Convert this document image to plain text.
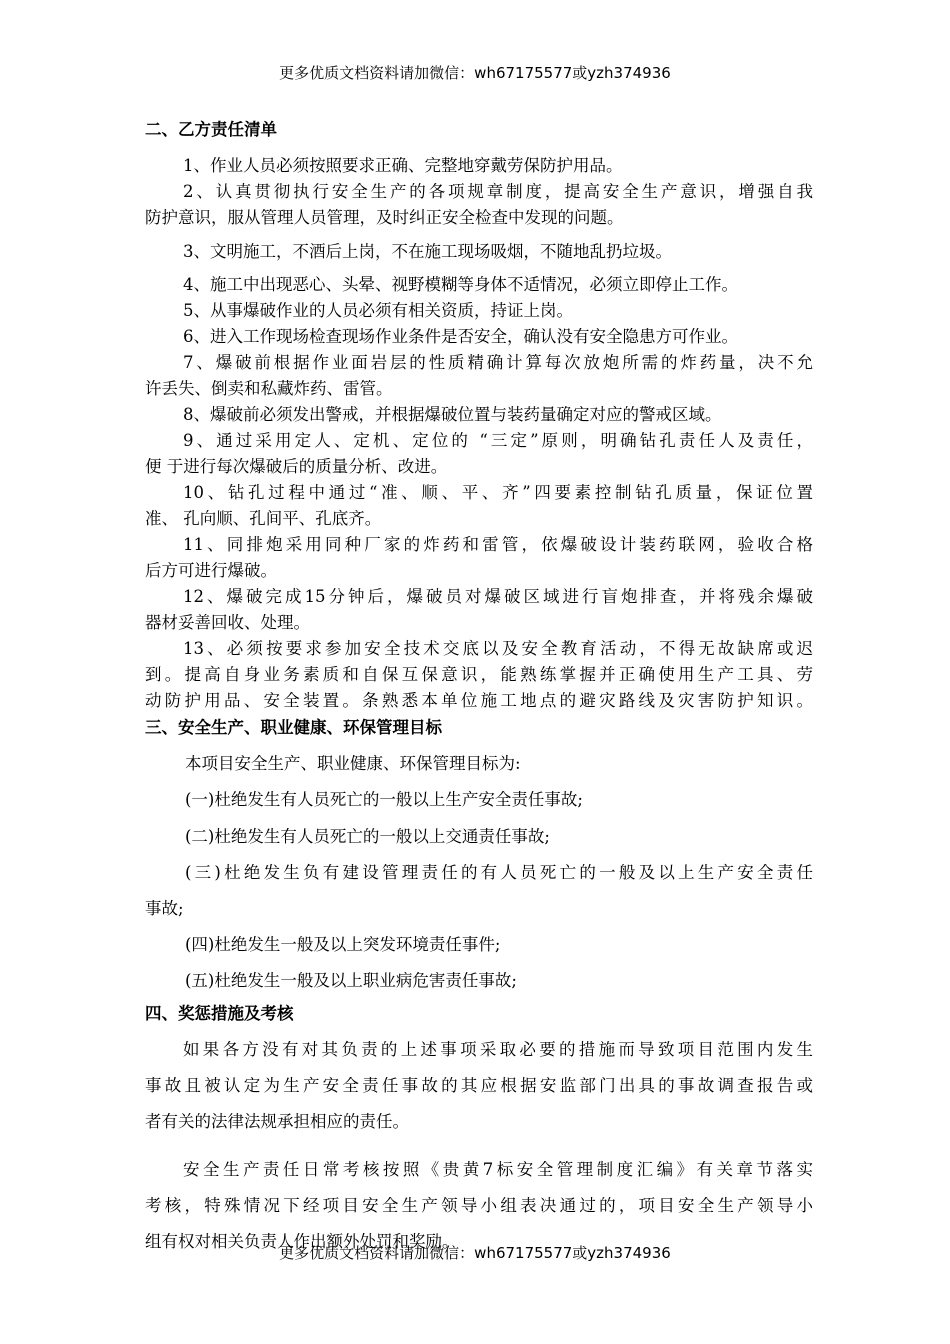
更多优质文档资料请加微信：wh67175577或yzh374936
二、乙方责任清单
1、作业人员必须按照要求正确、完整地穿戴劳保防护用品。
2、认真贯彻执行安全生产的各项规章制度，提高安全生产意识，增强自我
防护意识，服从管理人员管理，及时纠正安全检查中发现的问题。
3、文明施工，不酒后上岗，不在施工现场吸烟，不随地乱扔垃圾。
4、施工中出现恶心、头晕、视野模糊等身体不适情况，必须立即停止工作。
5、从事爆破作业的人员必须有相关资质，持证上岗。
6、进入工作现场检查现场作业条件是否安全，确认没有安全隐患方可作业。
7、爆破前根据作业面岩层的性质精确计算每次放炮所需的炸药量，决不允
许丢失、倒卖和私藏炸药、雷管。
8、爆破前必须发出警戒，并根据爆破位置与装药量确定对应的警戒区域。
9、通过采用定人、定机、定位的 “三定”原则，明确钻孔责任人及责任，
便 于进行每次爆破后的质量分析、改进。
10、钻孔过程中通过“准、顺、平、齐”四要素控制钻孔质量，保证位置
准、 孔向顺、孔间平、孔底齐。
11、同排炮采用同种厂家的炸药和雷管，依爆破设计装药联网，验收合格
后方可进行爆破。
12、爆破完成15分钟后，爆破员对爆破区域进行盲炮排查，并将残余爆破
器材妥善回收、处理。
13、必须按要求参加安全技术交底以及安全教育活动，不得无故缺席或迟
到。提高自身业务素质和自保互保意识，能熟练掌握并正确使用生产工具、劳
动防护用品、安全装置。条熟悉本单位施工地点的避灾路线及灾害防护知识。
三、安全生产、职业健康、环保管理目标
本项目安全生产、职业健康、环保管理目标为:
(一)杜绝发生有人员死亡的一般以上生产安全责任事故;
(二)杜绝发生有人员死亡的一般以上交通责任事故;
(三)杜绝发生负有建设管理责任的有人员死亡的一般及以上生产安全责任
事故;
(四)杜绝发生一般及以上突发环境责任事件;
(五)杜绝发生一般及以上职业病危害责任事故;
四、奖惩措施及考核
如果各方没有对其负责的上述事项采取必要的措施而导致项目范围内发生
事故且被认定为生产安全责任事故的其应根据安监部门出具的事故调查报告或
者有关的法律法规承担相应的责任。
安全生产责任日常考核按照《贵黄7标安全管理制度汇编》有关章节落实
考核，特殊情况下经项目安全生产领导小组表决通过的，项目安全生产领导小
组有权对相关负责人作出额外处罚和奖励。
更多优质文档资料请加微信：wh67175577或yzh374936
